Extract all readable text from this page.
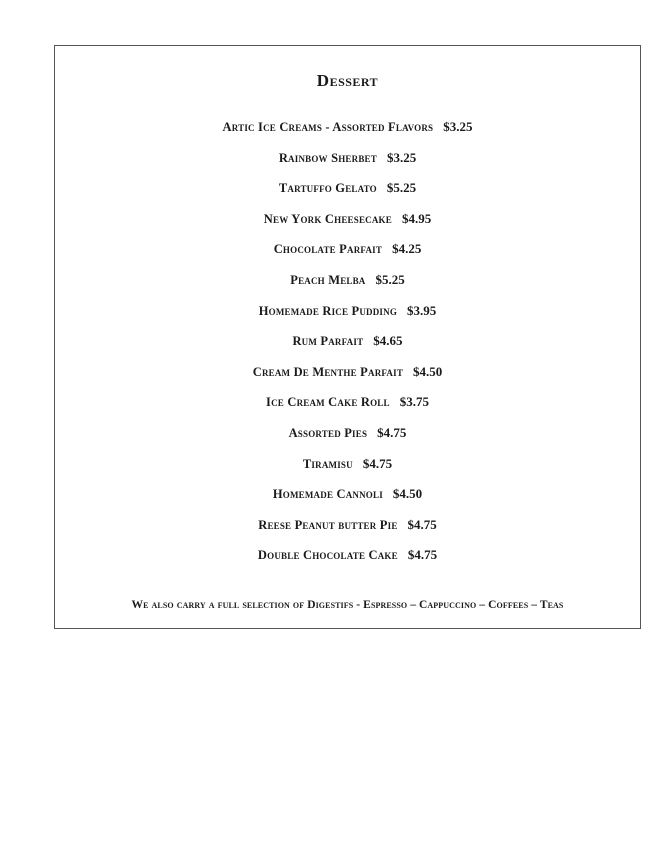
Dessert
Artic Ice Creams - Assorted Flavors $3.25
Rainbow Sherbet $3.25
Tartuffo Gelato $5.25
New York Cheesecake $4.95
Chocolate Parfait $4.25
Peach Melba $5.25
Homemade Rice Pudding $3.95
Rum Parfait $4.65
Cream De Menthe Parfait $4.50
Ice Cream Cake Roll $3.75
Assorted Pies $4.75
Tiramisu $4.75
Homemade Cannoli $4.50
Reese Peanut butter Pie $4.75
Double Chocolate Cake $4.75
We also carry a full selection of Digestifs - Espresso – Cappuccino – Coffees – Teas
